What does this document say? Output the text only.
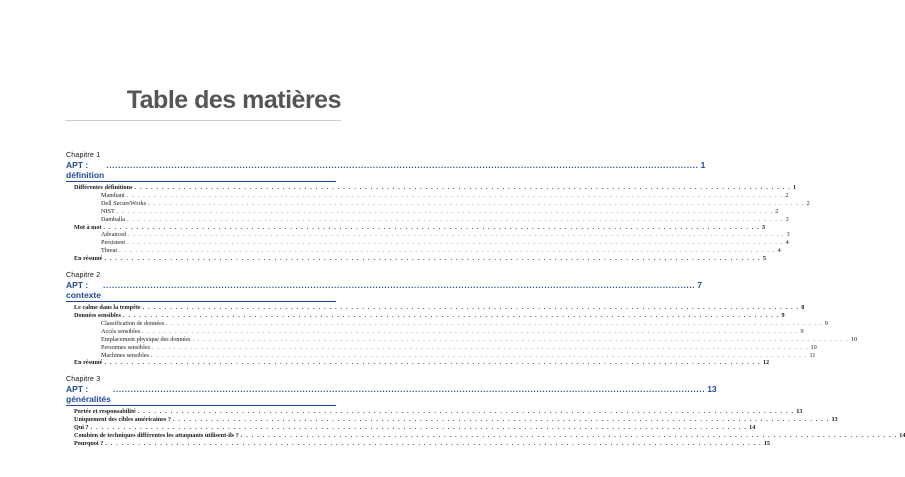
Table des matières
Chapitre 1
APT : définition
........................................................................................................................................................................................................ 1
Différentes définitions . . . . . . . . . . . . . . . . . . . . . . . . . . . . . . . . . . . . . . . . . . . . . . . . . . . . . . . . . . . . . . . . . . . . . . . . . . . . . . . . . . . . . . . . . . . . . . . . . . . . . . . . . . . . . . . . . . . . . . . . 1
Mandiant . . . . . . . . . . . . . . . . . . . . . . . . . . . . . . . . . . . . . . . . . . . . . . . . . . . . . . . . . . . . . . . . . . . . . . . . . . . . . . . . . . . . . . . . . . . . . . . . . . . . . . . . . . . . . . . . . . . . . . . . 2
Dell SecureWorks . . . . . . . . . . . . . . . . . . . . . . . . . . . . . . . . . . . . . . . . . . . . . . . . . . . . . . . . . . . . . . . . . . . . . . . . . . . . . . . . . . . . . . . . . . . . . . . . . . . . . . . . . . . . . . . . . . . . . . . . 2
NIST . . . . . . . . . . . . . . . . . . . . . . . . . . . . . . . . . . . . . . . . . . . . . . . . . . . . . . . . . . . . . . . . . . . . . . . . . . . . . . . . . . . . . . . . . . . . . . . . . . . . . . . . . . . . . . . . . . . . . . . . 2
Damballa . . . . . . . . . . . . . . . . . . . . . . . . . . . . . . . . . . . . . . . . . . . . . . . . . . . . . . . . . . . . . . . . . . . . . . . . . . . . . . . . . . . . . . . . . . . . . . . . . . . . . . . . . . . . . . . . . . . . . . . . 3
Mot à mot . . . . . . . . . . . . . . . . . . . . . . . . . . . . . . . . . . . . . . . . . . . . . . . . . . . . . . . . . . . . . . . . . . . . . . . . . . . . . . . . . . . . . . . . . . . . . . . . . . . . . . . . . . . . . . . . . . . . . . . . 3
Advanced . . . . . . . . . . . . . . . . . . . . . . . . . . . . . . . . . . . . . . . . . . . . . . . . . . . . . . . . . . . . . . . . . . . . . . . . . . . . . . . . . . . . . . . . . . . . . . . . . . . . . . . . . . . . . . . . . . . . . . . . 3
Persistent . . . . . . . . . . . . . . . . . . . . . . . . . . . . . . . . . . . . . . . . . . . . . . . . . . . . . . . . . . . . . . . . . . . . . . . . . . . . . . . . . . . . . . . . . . . . . . . . . . . . . . . . . . . . . . . . . . . . . . . . 4
Threat . . . . . . . . . . . . . . . . . . . . . . . . . . . . . . . . . . . . . . . . . . . . . . . . . . . . . . . . . . . . . . . . . . . . . . . . . . . . . . . . . . . . . . . . . . . . . . . . . . . . . . . . . . . . . . . . . . . . . . . . 4
En résumé . . . . . . . . . . . . . . . . . . . . . . . . . . . . . . . . . . . . . . . . . . . . . . . . . . . . . . . . . . . . . . . . . . . . . . . . . . . . . . . . . . . . . . . . . . . . . . . . . . . . . . . . . . . . . . . . . . . . . . . . 5
Chapitre 2
APT : contexte
........................................................................................................................................................................................................ 7
Le calme dans la tempête . . . . . . . . . . . . . . . . . . . . . . . . . . . . . . . . . . . . . . . . . . . . . . . . . . . . . . . . . . . . . . . . . . . . . . . . . . . . . . . . . . . . . . . . . . . . . . . . . . . . . . . . . . . . . . . . . . . . . . . . 8
Données sensibles . . . . . . . . . . . . . . . . . . . . . . . . . . . . . . . . . . . . . . . . . . . . . . . . . . . . . . . . . . . . . . . . . . . . . . . . . . . . . . . . . . . . . . . . . . . . . . . . . . . . . . . . . . . . . . . . . . . . . . . . 9
Classification de données . . . . . . . . . . . . . . . . . . . . . . . . . . . . . . . . . . . . . . . . . . . . . . . . . . . . . . . . . . . . . . . . . . . . . . . . . . . . . . . . . . . . . . . . . . . . . . . . . . . . . . . . . . . . . . . . . . . . . . . . 9
Accès sensibles . . . . . . . . . . . . . . . . . . . . . . . . . . . . . . . . . . . . . . . . . . . . . . . . . . . . . . . . . . . . . . . . . . . . . . . . . . . . . . . . . . . . . . . . . . . . . . . . . . . . . . . . . . . . . . . . . . . . . . . . 9
Emplacement physique des données . . . . . . . . . . . . . . . . . . . . . . . . . . . . . . . . . . . . . . . . . . . . . . . . . . . . . . . . . . . . . . . . . . . . . . . . . . . . . . . . . . . . . . . . . . . . . . . . . . . . . . . . . . . . . . . . . . . . . . . . 10
Personnes sensibles . . . . . . . . . . . . . . . . . . . . . . . . . . . . . . . . . . . . . . . . . . . . . . . . . . . . . . . . . . . . . . . . . . . . . . . . . . . . . . . . . . . . . . . . . . . . . . . . . . . . . . . . . . . . . . . . . . . . . . . . 10
Machines sensibles . . . . . . . . . . . . . . . . . . . . . . . . . . . . . . . . . . . . . . . . . . . . . . . . . . . . . . . . . . . . . . . . . . . . . . . . . . . . . . . . . . . . . . . . . . . . . . . . . . . . . . . . . . . . . . . . . . . . . . . . 11
En résumé . . . . . . . . . . . . . . . . . . . . . . . . . . . . . . . . . . . . . . . . . . . . . . . . . . . . . . . . . . . . . . . . . . . . . . . . . . . . . . . . . . . . . . . . . . . . . . . . . . . . . . . . . . . . . . . . . . . . . . . . 12
Chapitre 3
APT : généralités
........................................................................................................................................................................................................ 13
Portée et responsabilité . . . . . . . . . . . . . . . . . . . . . . . . . . . . . . . . . . . . . . . . . . . . . . . . . . . . . . . . . . . . . . . . . . . . . . . . . . . . . . . . . . . . . . . . . . . . . . . . . . . . . . . . . . . . . . . . . . . . . . . . 13
Uniquement des cibles américaines ? . . . . . . . . . . . . . . . . . . . . . . . . . . . . . . . . . . . . . . . . . . . . . . . . . . . . . . . . . . . . . . . . . . . . . . . . . . . . . . . . . . . . . . . . . . . . . . . . . . . . . . . . . . . . . . . . . . . . . . . . 13
Qui ? . . . . . . . . . . . . . . . . . . . . . . . . . . . . . . . . . . . . . . . . . . . . . . . . . . . . . . . . . . . . . . . . . . . . . . . . . . . . . . . . . . . . . . . . . . . . . . . . . . . . . . . . . . . . . . . . . . . . . . . . 14
Combien de techniques différentes les attaquants utilisent-ils ? . . . . . . . . . . . . . . . . . . . . . . . . . . . . . . . . . . . . . . . . . . . . . . . . . . . . . . . . . . . . . . . . . . . . . . . . . . . . . . . . . . . . . . . . . . . . . . . . . . . . . . . . . . . . . . . . . . . . . . . . 14
Pourquoi ? . . . . . . . . . . . . . . . . . . . . . . . . . . . . . . . . . . . . . . . . . . . . . . . . . . . . . . . . . . . . . . . . . . . . . . . . . . . . . . . . . . . . . . . . . . . . . . . . . . . . . . . . . . . . . . . . . . . . . . . . 15
